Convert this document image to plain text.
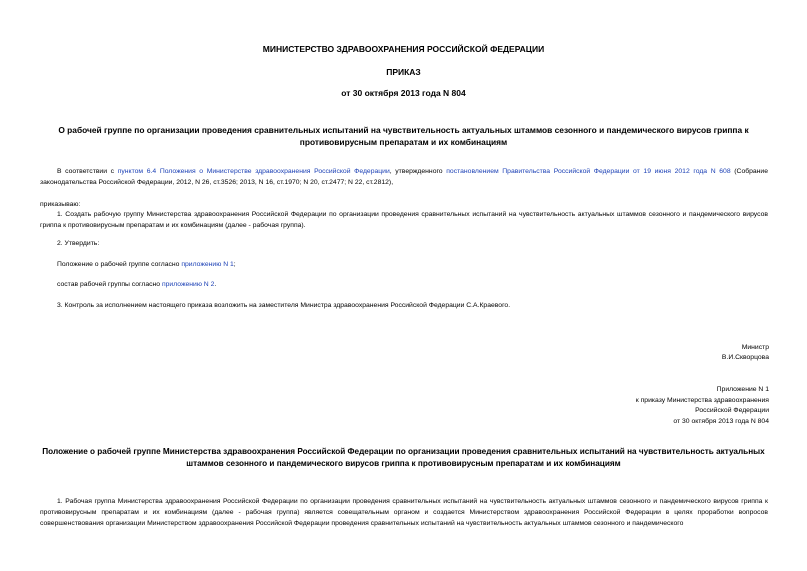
МИНИСТЕРСТВО ЗДРАВООХРАНЕНИЯ РОССИЙСКОЙ ФЕДЕРАЦИИ
ПРИКАЗ
от 30 октября 2013 года N 804
О рабочей группе по организации проведения сравнительных испытаний на чувствительность актуальных штаммов сезонного и пандемического вирусов гриппа к противовирусным препаратам и их комбинациям
В соответствии с пунктом 6.4 Положения о Министерстве здравоохранения Российской Федерации, утвержденного постановлением Правительства Российской Федерации от 19 июня 2012 года N 608 (Собрание законодательства Российской Федерации, 2012, N 26, ст.3526; 2013, N 16, ст.1970; N 20, ст.2477; N 22, ст.2812),
приказываю:
1. Создать рабочую группу Министерства здравоохранения Российской Федерации по организации проведения сравнительных испытаний на чувствительность актуальных штаммов сезонного и пандемического вирусов гриппа к противовирусным препаратам и их комбинациям (далее - рабочая группа).
2. Утвердить:
Положение о рабочей группе согласно приложению N 1;
состав рабочей группы согласно приложению N 2.
3. Контроль за исполнением настоящего приказа возложить на заместителя Министра здравоохранения Российской Федерации С.А.Краевого.
Министр
В.И.Скворцова
Приложение N 1
к приказу Министерства здравоохранения
Российской Федерации
от 30 октября 2013 года N 804
Положение о рабочей группе Министерства здравоохранения Российской Федерации по организации проведения сравнительных испытаний на чувствительность актуальных штаммов сезонного и пандемического вирусов гриппа к противовирусным препаратам и их комбинациям
1. Рабочая группа Министерства здравоохранения Российской Федерации по организации проведения сравнительных испытаний на чувствительность актуальных штаммов сезонного и пандемического вирусов гриппа к противовирусным препаратам и их комбинациям (далее - рабочая группа) является совещательным органом и создается Министерством здравоохранения Российской Федерации в целях проработки вопросов совершенствования организации Министерством здравоохранения Российской Федерации проведения сравнительных испытаний на чувствительность актуальных штаммов сезонного и пандемического
